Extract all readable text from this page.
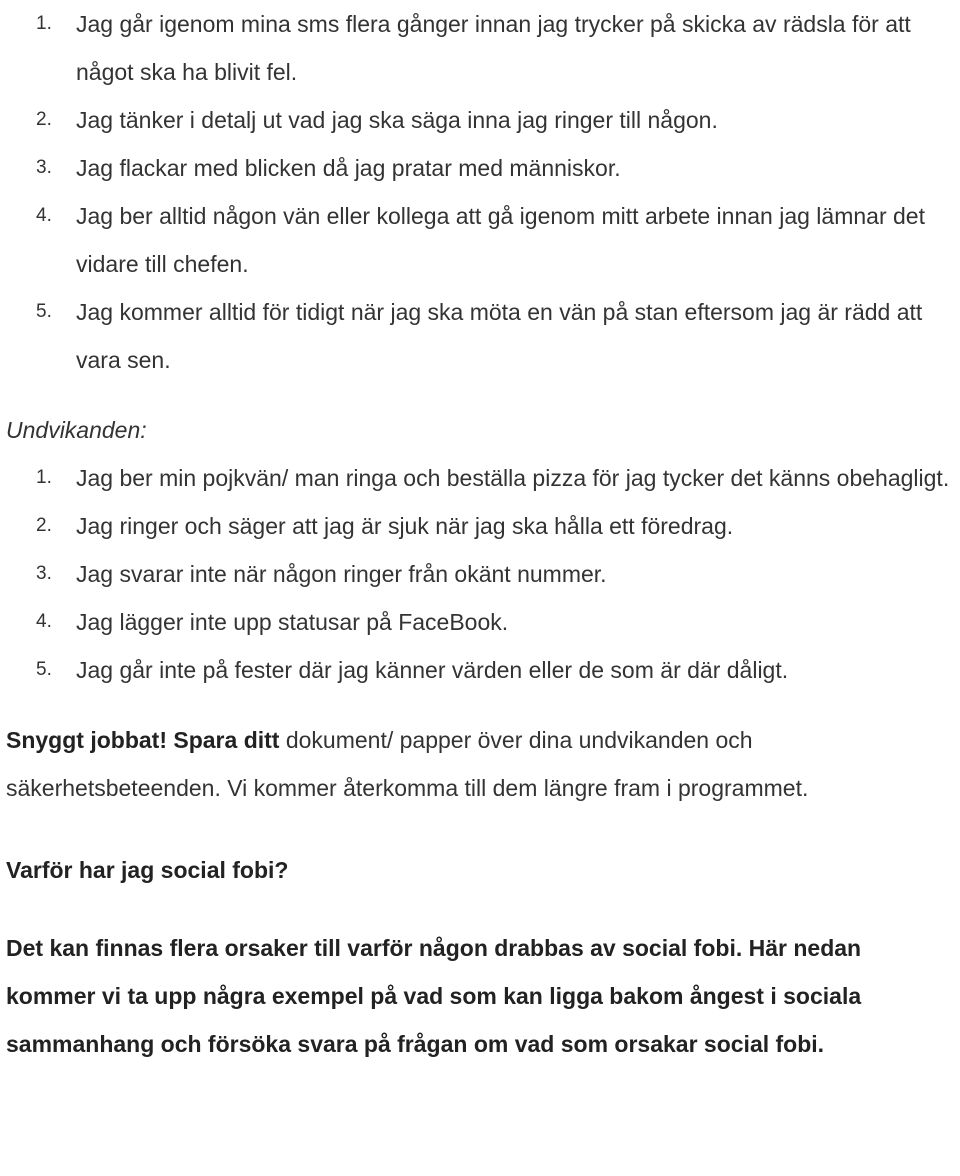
1.	Jag går igenom mina sms flera gånger innan jag trycker på skicka av rädsla för att något ska ha blivit fel.
2.	Jag tänker i detalj ut vad jag ska säga inna jag ringer till någon.
3.	Jag flackar med blicken då jag pratar med människor.
4.	Jag ber alltid någon vän eller kollega att gå igenom mitt arbete innan jag lämnar det vidare till chefen.
5.	Jag kommer alltid för tidigt när jag ska möta en vän på stan eftersom jag är rädd att vara sen.
Undvikanden:
1.	Jag ber min pojkvän/ man ringa och beställa pizza för jag tycker det känns obehagligt.
2.	Jag ringer och säger att jag är sjuk när jag ska hålla ett föredrag.
3.	Jag svarar inte när någon ringer från okänt nummer.
4.	Jag lägger inte upp statusar på FaceBook.
5.	Jag går inte på fester där jag känner värden eller de som är där dåligt.
Snyggt jobbat! Spara ditt dokument/ papper över dina undvikanden och säkerhetsbeteenden. Vi kommer återkomma till dem längre fram i programmet.
Varför har jag social fobi?
Det kan finnas flera orsaker till varför någon drabbas av social fobi. Här nedan kommer vi ta upp några exempel på vad som kan ligga bakom ångest i sociala sammanhang och försöka svara på frågan om vad som orsakar social fobi.
